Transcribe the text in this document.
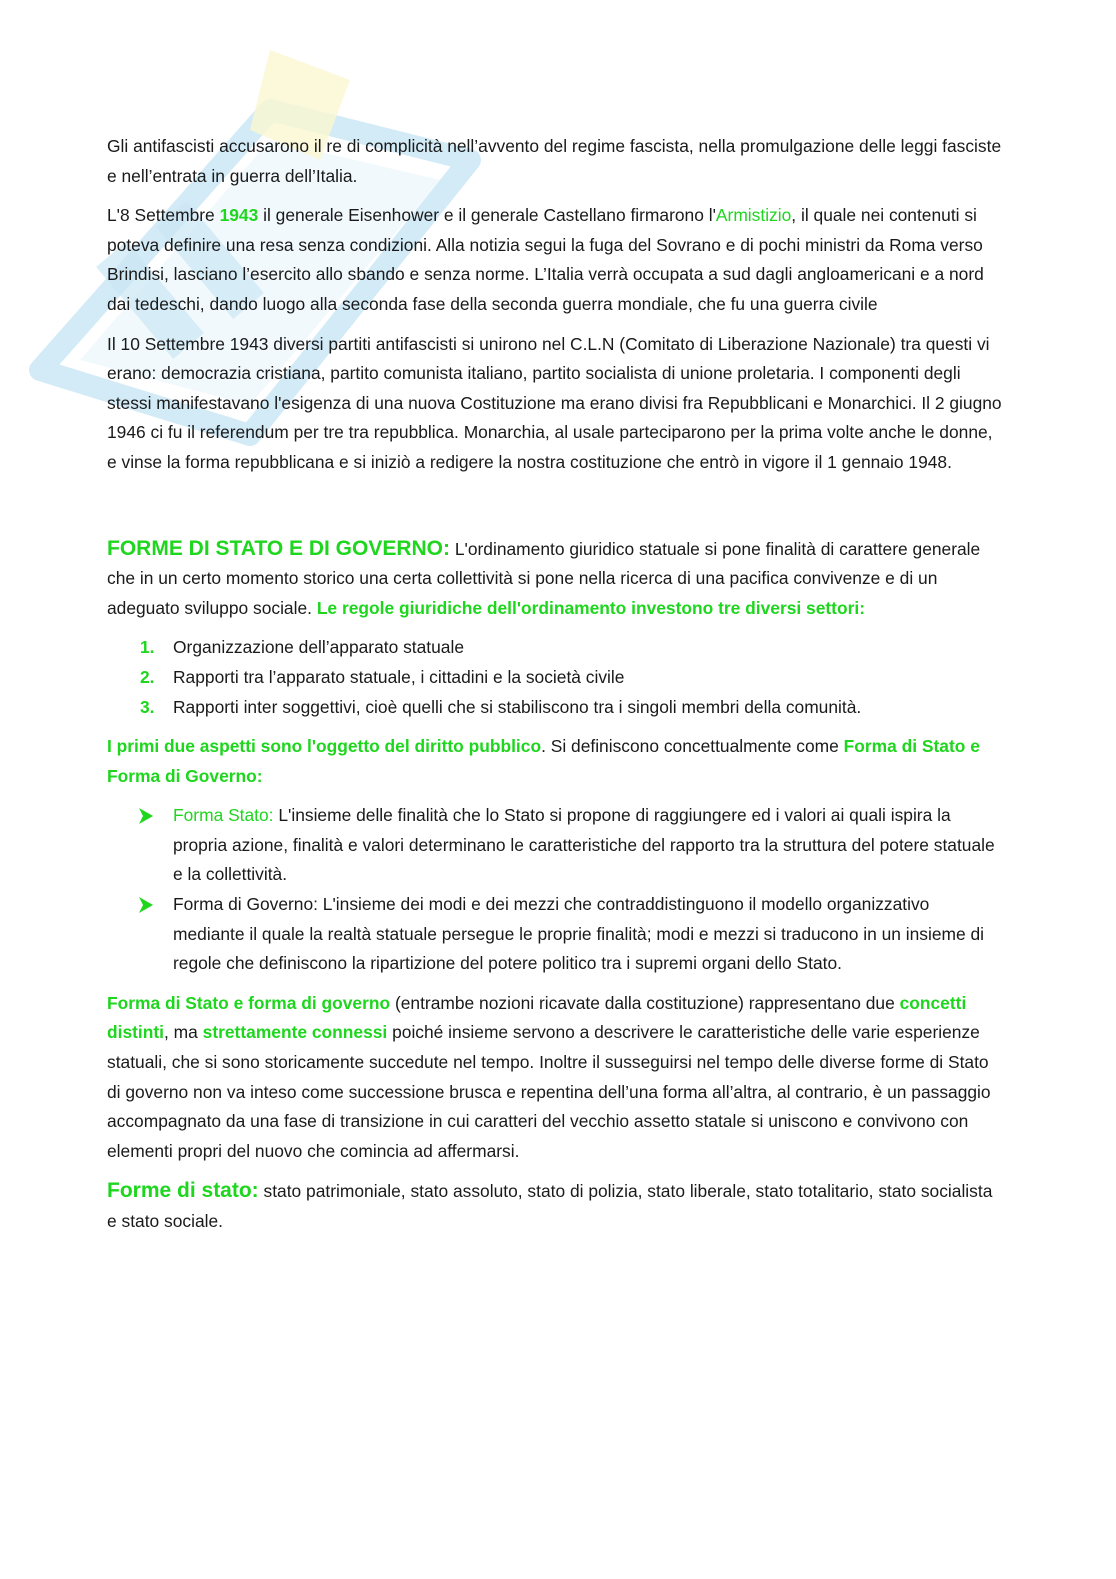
Gli antifascisti accusarono il re di complicità nell’avvento del regime fascista, nella promulgazione delle leggi fasciste e nell’entrata in guerra dell’Italia.

L'8 Settembre 1943 il generale Eisenhower e il generale Castellano firmarono l'Armistizio, il quale nei contenuti si poteva definire una resa senza condizioni. Alla notizia segui la fuga del Sovrano e di pochi ministri da Roma verso Brindisi, lasciano l’esercito allo sbando e senza norme. L’Italia verrà occupata a sud dagli angloamericani e a nord dai tedeschi, dando luogo alla seconda fase della seconda guerra mondiale, che fu una guerra civile

Il 10 Settembre 1943 diversi partiti antifascisti si unirono nel C.L.N (Comitato di Liberazione Nazionale) tra questi vi erano: democrazia cristiana, partito comunista italiano, partito socialista di unione proletaria. I componenti degli stessi manifestavano l'esigenza di una nuova Costituzione ma erano divisi fra Repubblicani e Monarchici. Il 2 giugno 1946 ci fu il referendum per tre tra repubblica. Monarchia, al usale parteciparono per la prima volte anche le donne, e vinse la forma repubblicana e si iniziò a redigere la nostra costituzione che entrò in vigore il 1 gennaio 1948.

FORME DI STATO E DI GOVERNO: L'ordinamento giuridico statuale si pone finalità di carattere generale che in un certo momento storico una certa collettività si pone nella ricerca di una pacifica convivenze e di un adeguato sviluppo sociale. Le regole giuridiche dell'ordinamento investono tre diversi settori:

1. Organizzazione dell’apparato statuale
2. Rapporti tra l’apparato statuale, i cittadini e la società civile
3. Rapporti inter soggettivi, cioè quelli che si stabiliscono tra i singoli membri della comunità.

I primi due aspetti sono l'oggetto del diritto pubblico. Si definiscono concettualmente come Forma di Stato e Forma di Governo:

Forma Stato: L'insieme delle finalità che lo Stato si propone di raggiungere ed i valori ai quali ispira la propria azione, finalità e valori determinano le caratteristiche del rapporto tra la struttura del potere statuale e la collettività.
Forma di Governo: L'insieme dei modi e dei mezzi che contraddistinguono il modello organizzativo mediante il quale la realtà statuale persegue le proprie finalità; modi e mezzi si traducono in un insieme di regole che definiscono la ripartizione del potere politico tra i supremi organi dello Stato.

Forma di Stato e forma di governo (entrambe nozioni ricavate dalla costituzione) rappresentano due concetti distinti, ma strettamente connessi poiché insieme servono a descrivere le caratteristiche delle varie esperienze statuali, che si sono storicamente succedute nel tempo. Inoltre il susseguirsi nel tempo delle diverse forme di Stato di governo non va inteso come successione brusca e repentina dell’una forma all’altra, al contrario, è un passaggio accompagnato da una fase di transizione in cui caratteri del vecchio assetto statale si uniscono e convivono con elementi propri del nuovo che comincia ad affermarsi.

Forme di stato: stato patrimoniale, stato assoluto, stato di polizia, stato liberale, stato totalitario, stato socialista e stato sociale.
